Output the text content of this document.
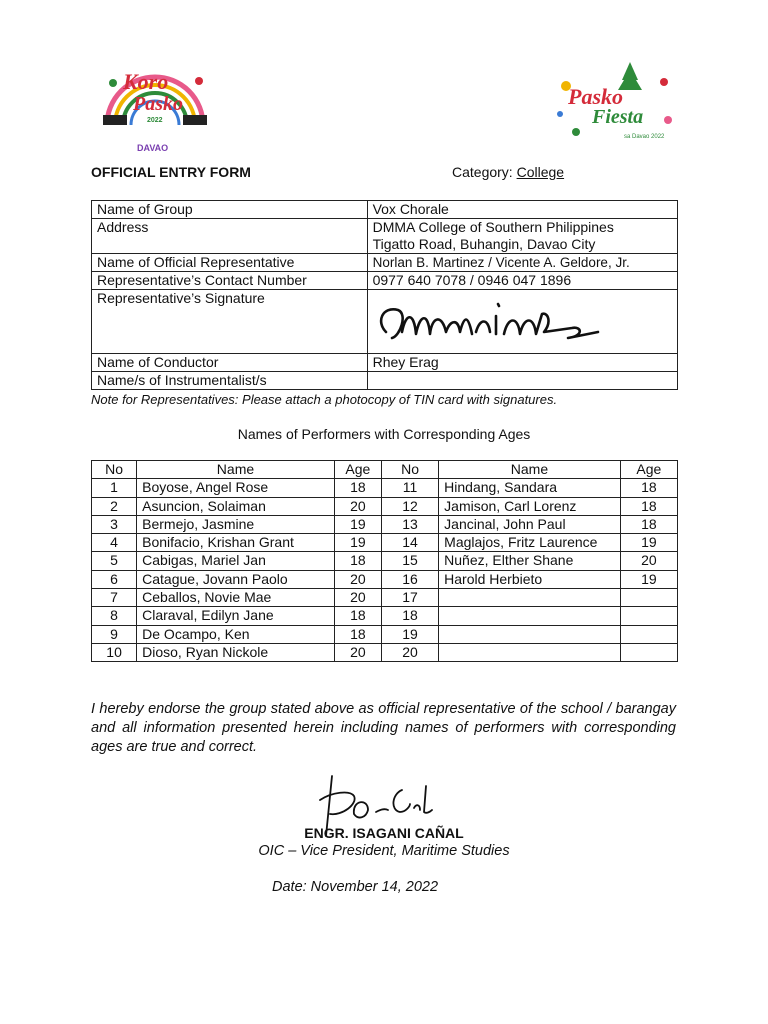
Koro
Pasko
2022
DAVAO
Pasko
Fiesta
sa Davao 2022
OFFICIAL ENTRY FORM	Category: College
Name of Group	Vox Chorale
Address	DMMA College of Southern Philippines
Tigatto Road, Buhangin, Davao City

Name of Official Representative	Norlan B. Martinez / Vicente A. Geldore, Jr.
Representative’s Contact Number	0977 640 7078 / 0946 047 1896
Representative’s Signature	

Name of Conductor	Rhey Erag
Name/s of Instrumentalist/s	
Note for Representatives: Please attach a photocopy of TIN card with signatures.
Names of Performers with Corresponding Ages
No	Name	Age	No	Name	Age
1	Boyose, Angel Rose	18	11	Hindang, Sandara	18
2	Asuncion, Solaiman	20	12	Jamison, Carl Lorenz	18
3	Bermejo, Jasmine	19	13	Jancinal, John Paul	18
4	Bonifacio, Krishan Grant	19	14	Maglajos, Fritz Laurence	19
5	Cabigas, Mariel Jan	18	15	Nuñez, Elther Shane	20
6	Catague, Jovann Paolo	20	16	Harold Herbieto	19
7	Ceballos, Novie Mae	20	17		
8	Claraval, Edilyn Jane	18	18		
9	De Ocampo, Ken	18	19		
10	Dioso, Ryan Nickole	20	20		
I hereby endorse the group stated above as official representative of the school / barangay and all information presented herein including names of performers with corresponding ages are true and correct.
ENGR. ISAGANI CAÑAL
OIC – Vice President, Maritime Studies
Date: November 14, 2022
